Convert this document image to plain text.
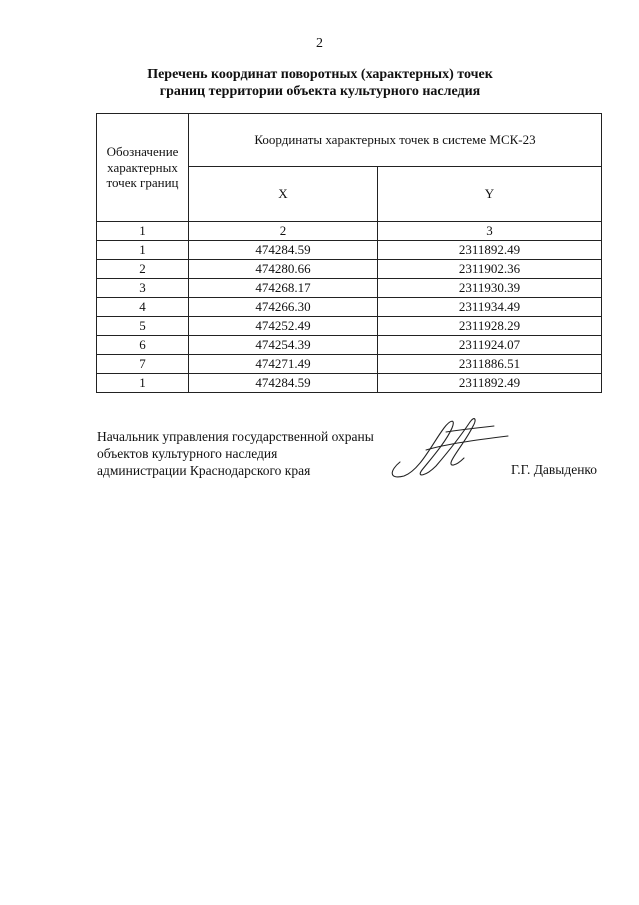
2
Перечень координат поворотных (характерных) точек
границ территории объекта культурного наследия
Обозначение
характерных
точек границ	Координаты характерных точек в системе МСК-23	
	X	Y
1	2	3
1	474284.59	2311892.49
2	474280.66	2311902.36
3	474268.17	2311930.39
4	474266.30	2311934.49
5	474252.49	2311928.29
6	474254.39	2311924.07
7	474271.49	2311886.51
1	474284.59	2311892.49
Начальник управления государственной охраны
объектов культурного наследия
администрации Краснодарского края	Г.Г. Давыденко
